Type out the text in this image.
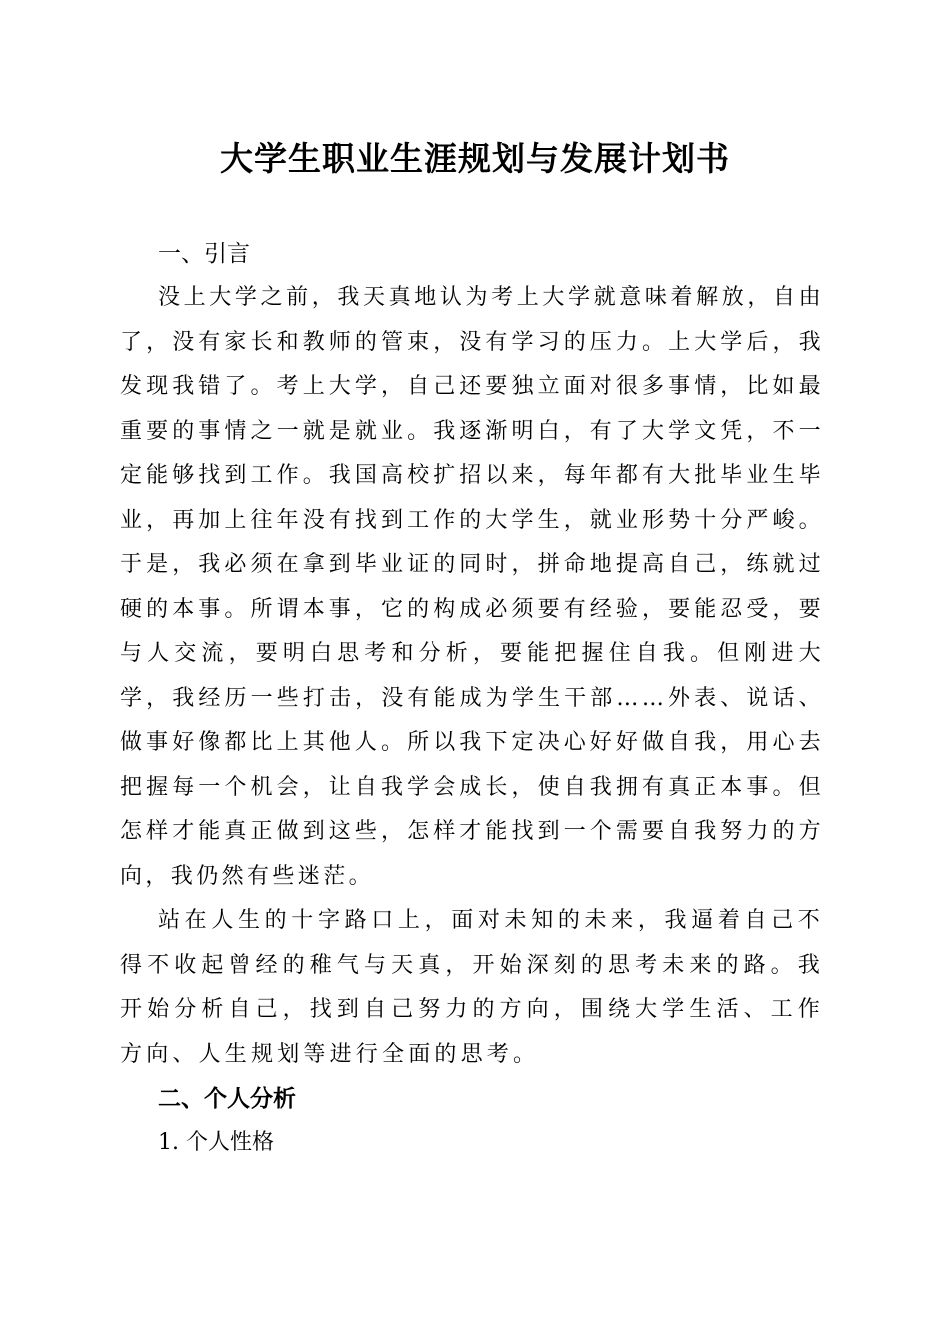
大学生职业生涯规划与发展计划书

一、引言

没上大学之前，我天真地认为考上大学就意味着解放，自由了，没有家长和教师的管束，没有学习的压力。上大学后，我发现我错了。考上大学，自己还要独立面对很多事情，比如最重要的事情之一就是就业。我逐渐明白，有了大学文凭，不一定能够找到工作。我国高校扩招以来，每年都有大批毕业生毕业，再加上往年没有找到工作的大学生，就业形势十分严峻。于是，我必须在拿到毕业证的同时，拼命地提高自己，练就过硬的本事。所谓本事，它的构成必须要有经验，要能忍受，要与人交流，要明白思考和分析，要能把握住自我。但刚进大学，我经历一些打击，没有能成为学生干部……外表、说话、做事好像都比上其他人。所以我下定决心好好做自我，用心去把握每一个机会，让自我学会成长，使自我拥有真正本事。但怎样才能真正做到这些，怎样才能找到一个需要自我努力的方向，我仍然有些迷茫。

站在人生的十字路口上，面对未知的未来，我逼着自己不得不收起曾经的稚气与天真，开始深刻的思考未来的路。我开始分析自己，找到自己努力的方向，围绕大学生活、工作方向、人生规划等进行全面的思考。

二、个人分析

1. 个人性格
